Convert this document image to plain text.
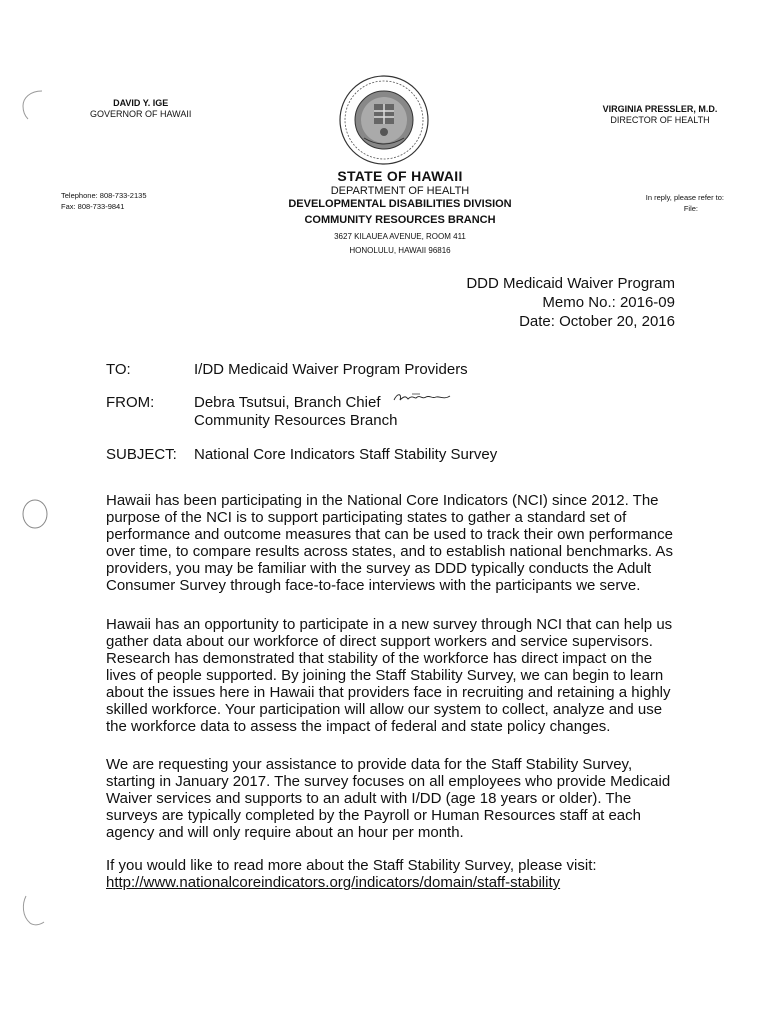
DAVID Y. IGE
GOVERNOR OF HAWAII	VIRGINIA PRESSLER, M.D.
DIRECTOR OF HEALTH
Telephone: 808-733-2135
Fax: 808-733-9841
In reply, please refer to:
File:
STATE OF HAWAII
DEPARTMENT OF HEALTH
DEVELOPMENTAL DISABILITIES DIVISION
COMMUNITY RESOURCES BRANCH
3627 KILAUEA AVENUE, ROOM 411
HONOLULU, HAWAII 96816
DDD Medicaid Waiver Program
Memo No.: 2016-09
Date: October 20, 2016
TO:	I/DD Medicaid Waiver Program Providers
FROM:	Debra Tsutsui, Branch Chief
Community Resources Branch
SUBJECT: National Core Indicators Staff Stability Survey
Hawaii has been participating in the National Core Indicators (NCI) since 2012. The purpose of the NCI is to support participating states to gather a standard set of performance and outcome measures that can be used to track their own performance over time, to compare results across states, and to establish national benchmarks. As providers, you may be familiar with the survey as DDD typically conducts the Adult Consumer Survey through face-to-face interviews with the participants we serve.
Hawaii has an opportunity to participate in a new survey through NCI that can help us gather data about our workforce of direct support workers and service supervisors. Research has demonstrated that stability of the workforce has direct impact on the lives of people supported. By joining the Staff Stability Survey, we can begin to learn about the issues here in Hawaii that providers face in recruiting and retaining a highly skilled workforce. Your participation will allow our system to collect, analyze and use the workforce data to assess the impact of federal and state policy changes.
We are requesting your assistance to provide data for the Staff Stability Survey, starting in January 2017. The survey focuses on all employees who provide Medicaid Waiver services and supports to an adult with I/DD (age 18 years or older). The surveys are typically completed by the Payroll or Human Resources staff at each agency and will only require about an hour per month.
If you would like to read more about the Staff Stability Survey, please visit:
http://www.nationalcoreindicators.org/indicators/domain/staff-stability
